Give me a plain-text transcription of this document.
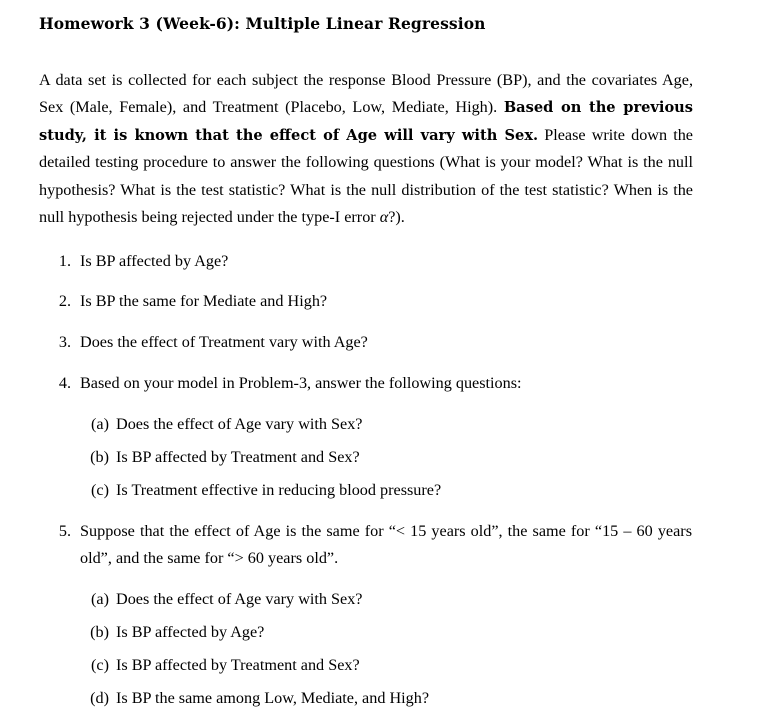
Homework 3 (Week-6): Multiple Linear Regression
A data set is collected for each subject the response Blood Pressure (BP), and the covariates Age, Sex (Male, Female), and Treatment (Placebo, Low, Mediate, High). Based on the previous study, it is known that the effect of Age will vary with Sex. Please write down the detailed testing procedure to answer the following questions (What is your model? What is the null hypothesis? What is the test statistic? What is the null distribution of the test statistic? When is the null hypothesis being rejected under the type-I error α?).
1. Is BP affected by Age?
2. Is BP the same for Mediate and High?
3. Does the effect of Treatment vary with Age?
4. Based on your model in Problem-3, answer the following questions:
(a) Does the effect of Age vary with Sex?
(b) Is BP affected by Treatment and Sex?
(c) Is Treatment effective in reducing blood pressure?
5. Suppose that the effect of Age is the same for “< 15 years old”, the same for “15 – 60 years old”, and the same for “> 60 years old”.
(a) Does the effect of Age vary with Sex?
(b) Is BP affected by Age?
(c) Is BP affected by Treatment and Sex?
(d) Is BP the same among Low, Mediate, and High?
